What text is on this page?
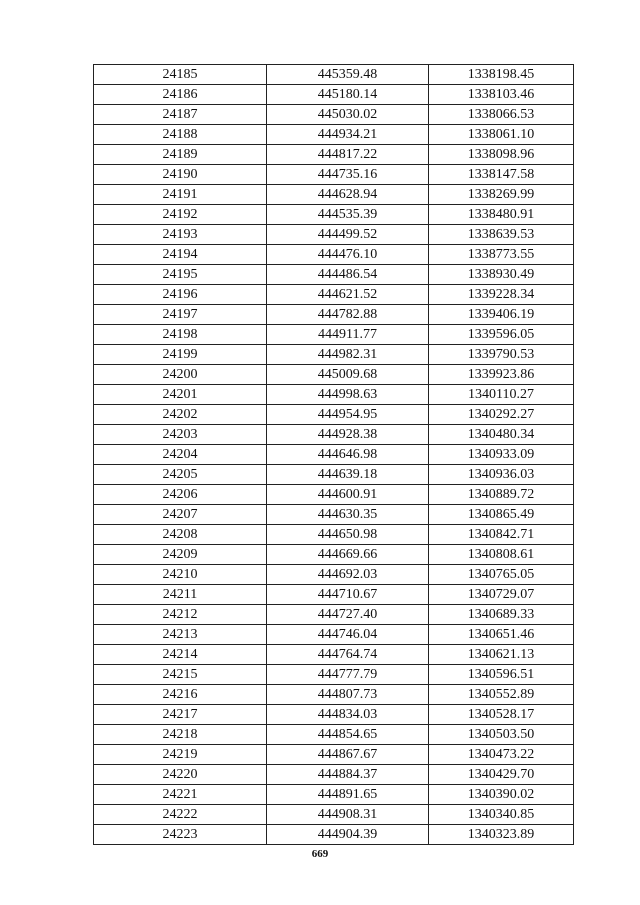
24185	445359.48	1338198.45
24186	445180.14	1338103.46
24187	445030.02	1338066.53
24188	444934.21	1338061.10
24189	444817.22	1338098.96
24190	444735.16	1338147.58
24191	444628.94	1338269.99
24192	444535.39	1338480.91
24193	444499.52	1338639.53
24194	444476.10	1338773.55
24195	444486.54	1338930.49
24196	444621.52	1339228.34
24197	444782.88	1339406.19
24198	444911.77	1339596.05
24199	444982.31	1339790.53
24200	445009.68	1339923.86
24201	444998.63	1340110.27
24202	444954.95	1340292.27
24203	444928.38	1340480.34
24204	444646.98	1340933.09
24205	444639.18	1340936.03
24206	444600.91	1340889.72
24207	444630.35	1340865.49
24208	444650.98	1340842.71
24209	444669.66	1340808.61
24210	444692.03	1340765.05
24211	444710.67	1340729.07
24212	444727.40	1340689.33
24213	444746.04	1340651.46
24214	444764.74	1340621.13
24215	444777.79	1340596.51
24216	444807.73	1340552.89
24217	444834.03	1340528.17
24218	444854.65	1340503.50
24219	444867.67	1340473.22
24220	444884.37	1340429.70
24221	444891.65	1340390.02
24222	444908.31	1340340.85
24223	444904.39	1340323.89
669
